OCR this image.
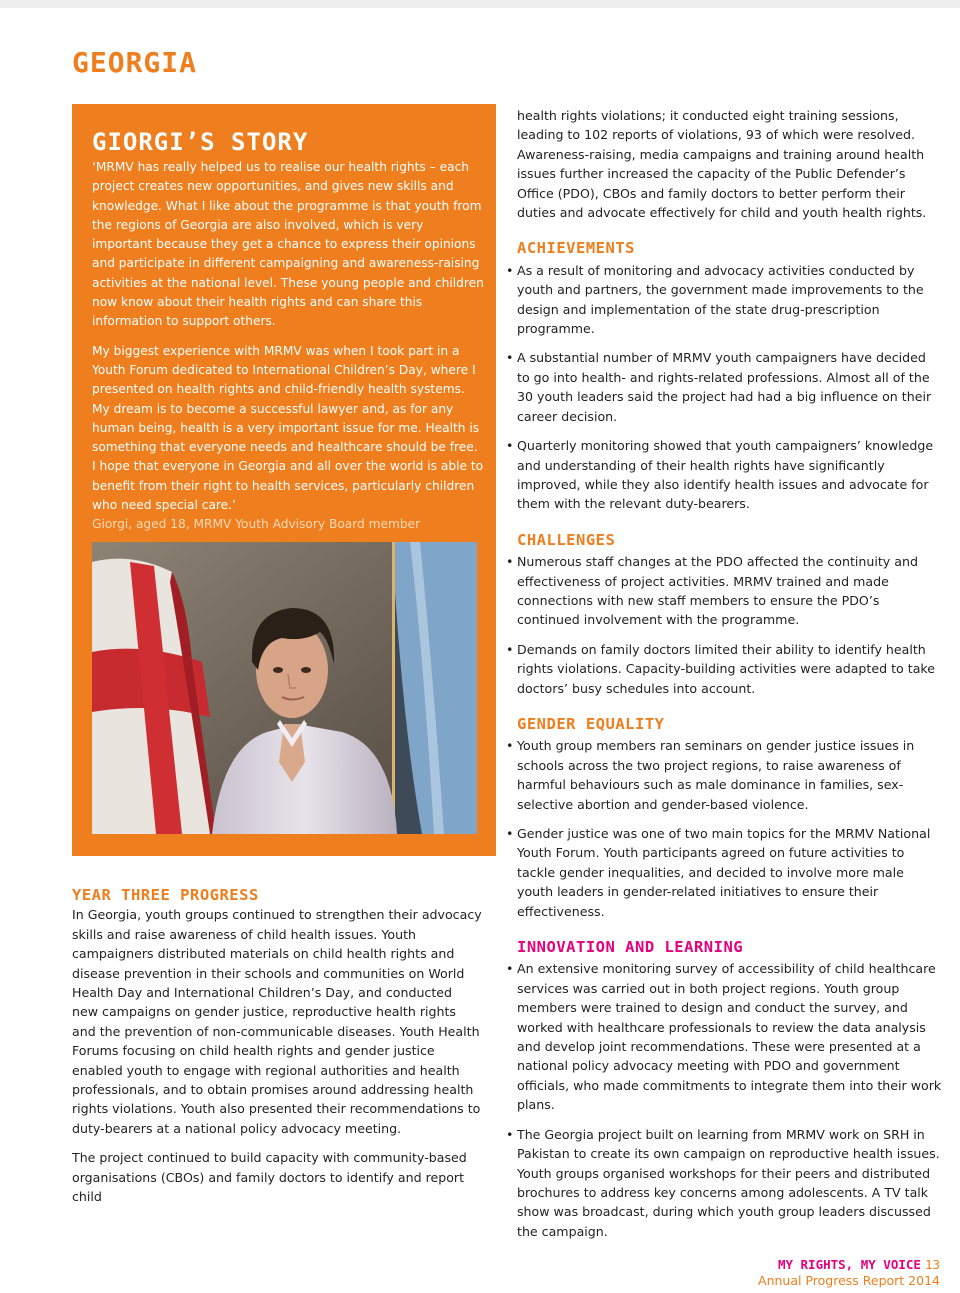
GEORGIA
GIORGI’S STORY

‘MRMV has really helped us to realise our health rights – each project creates new opportunities, and gives new skills and knowledge. What I like about the programme is that youth from the regions of Georgia are also involved, which is very important because they get a chance to express their opinions and participate in different campaigning and awareness-raising activities at the national level. These young people and children now know about their health rights and can share this information to support others.

My biggest experience with MRMV was when I took part in a Youth Forum dedicated to International Children’s Day, where I presented on health rights and child-friendly health systems. My dream is to become a successful lawyer and, as for any human being, health is a very important issue for me. Health is something that everyone needs and healthcare should be free. I hope that everyone in Georgia and all over the world is able to benefit from their right to health services, particularly children who need special care.’
Giorgi, aged 18, MRMV Youth Advisory Board member

YEAR THREE PROGRESS

In Georgia, youth groups continued to strengthen their advocacy skills and raise awareness of child health issues. Youth campaigners distributed materials on child health rights and disease prevention in their schools and communities on World Health Day and International Children’s Day, and conducted new campaigns on gender justice, reproductive health rights and the prevention of non-communicable diseases. Youth Health Forums focusing on child health rights and gender justice enabled youth to engage with regional authorities and health professionals, and to obtain promises around addressing health rights violations. Youth also presented their recommendations to duty-bearers at a national policy advocacy meeting.

The project continued to build capacity with community-based organisations (CBOs) and family doctors to identify and report child

health rights violations; it conducted eight training sessions, leading to 102 reports of violations, 93 of which were resolved. Awareness-raising, media campaigns and training around health issues further increased the capacity of the Public Defender’s Office (PDO), CBOs and family doctors to better perform their duties and advocate effectively for child and youth health rights.

ACHIEVEMENTS
• As a result of monitoring and advocacy activities conducted by youth and partners, the government made improvements to the design and implementation of the state drug-prescription programme.
• A substantial number of MRMV youth campaigners have decided to go into health- and rights-related professions. Almost all of the 30 youth leaders said the project had had a big influence on their career decision.
• Quarterly monitoring showed that youth campaigners’ knowledge and understanding of their health rights have significantly improved, while they also identify health issues and advocate for them with the relevant duty-bearers.
CHALLENGES
• Numerous staff changes at the PDO affected the continuity and effectiveness of project activities. MRMV trained and made connections with new staff members to ensure the PDO’s continued involvement with the programme.
• Demands on family doctors limited their ability to identify health rights violations. Capacity-building activities were adapted to take doctors’ busy schedules into account.
GENDER EQUALITY
• Youth group members ran seminars on gender justice issues in schools across the two project regions, to raise awareness of harmful behaviours such as male dominance in families, sex-selective abortion and gender-based violence.
• Gender justice was one of two main topics for the MRMV National Youth Forum. Youth participants agreed on future activities to tackle gender inequalities, and decided to involve more male youth leaders in gender-related initiatives to ensure their effectiveness.
INNOVATION AND LEARNING
• An extensive monitoring survey of accessibility of child healthcare services was carried out in both project regions. Youth group members were trained to design and conduct the survey, and worked with healthcare professionals to review the data analysis and develop joint recommendations. These were presented at a national policy advocacy meeting with PDO and government officials, who made commitments to integrate them into their work plans.
• The Georgia project built on learning from MRMV work on SRH in Pakistan to create its own campaign on reproductive health issues. Youth groups organised workshops for their peers and distributed brochures to address key concerns among adolescents. A TV talk show was broadcast, during which youth group leaders discussed the campaign.
MY RIGHTS, MY VOICE 13
Annual Progress Report 2014
